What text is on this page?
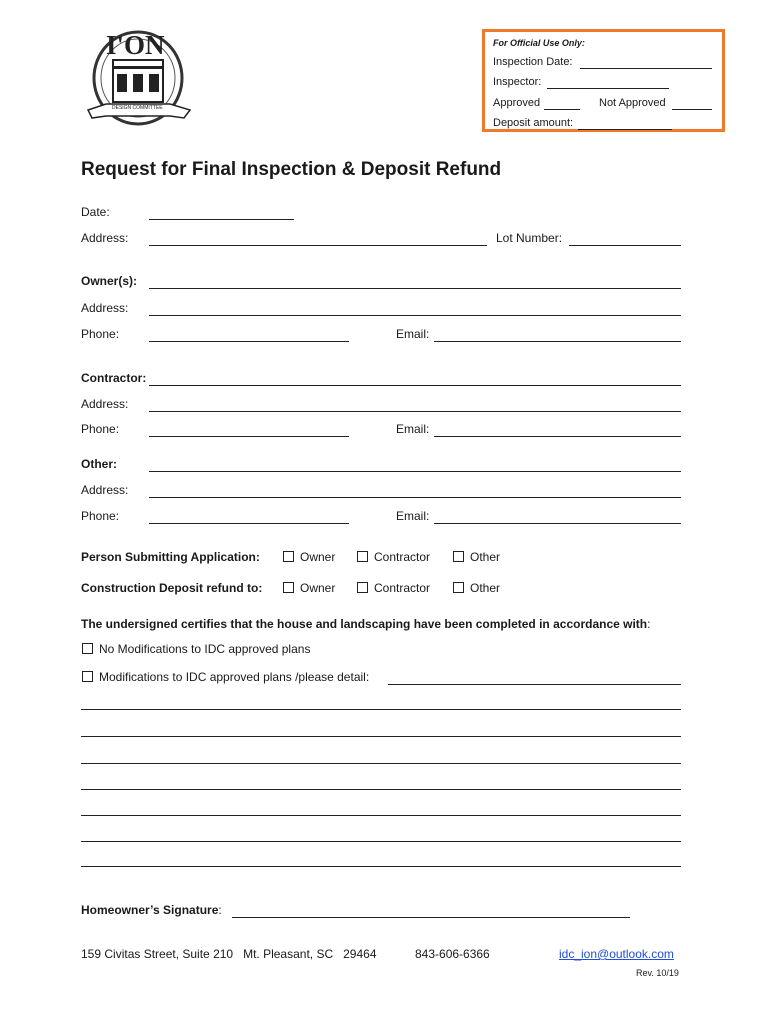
I'ON
DESIGN COMMITTEE
For Official Use Only:
Inspection Date:
Inspector:
Approved	Not Approved
Deposit amount:
Request for Final Inspection & Deposit Refund
Date:
Address:	Lot Number:
Owner(s):
Address:
Phone:	Email:
Contractor:
Address:
Phone:	Email:
Other:
Address:
Phone:	Email:
Person Submitting Application:	Owner	Contractor	Other
Construction Deposit refund to:	Owner	Contractor	Other
The undersigned certifies that the house and landscaping have been completed in accordance with:
No Modifications to IDC approved plans
Modifications to IDC approved plans /please detail:
Homeowner’s Signature:
159 Civitas Street, Suite 210   Mt. Pleasant, SC   29464	843-606-6366	idc_ion@outlook.com
Rev. 10/19
